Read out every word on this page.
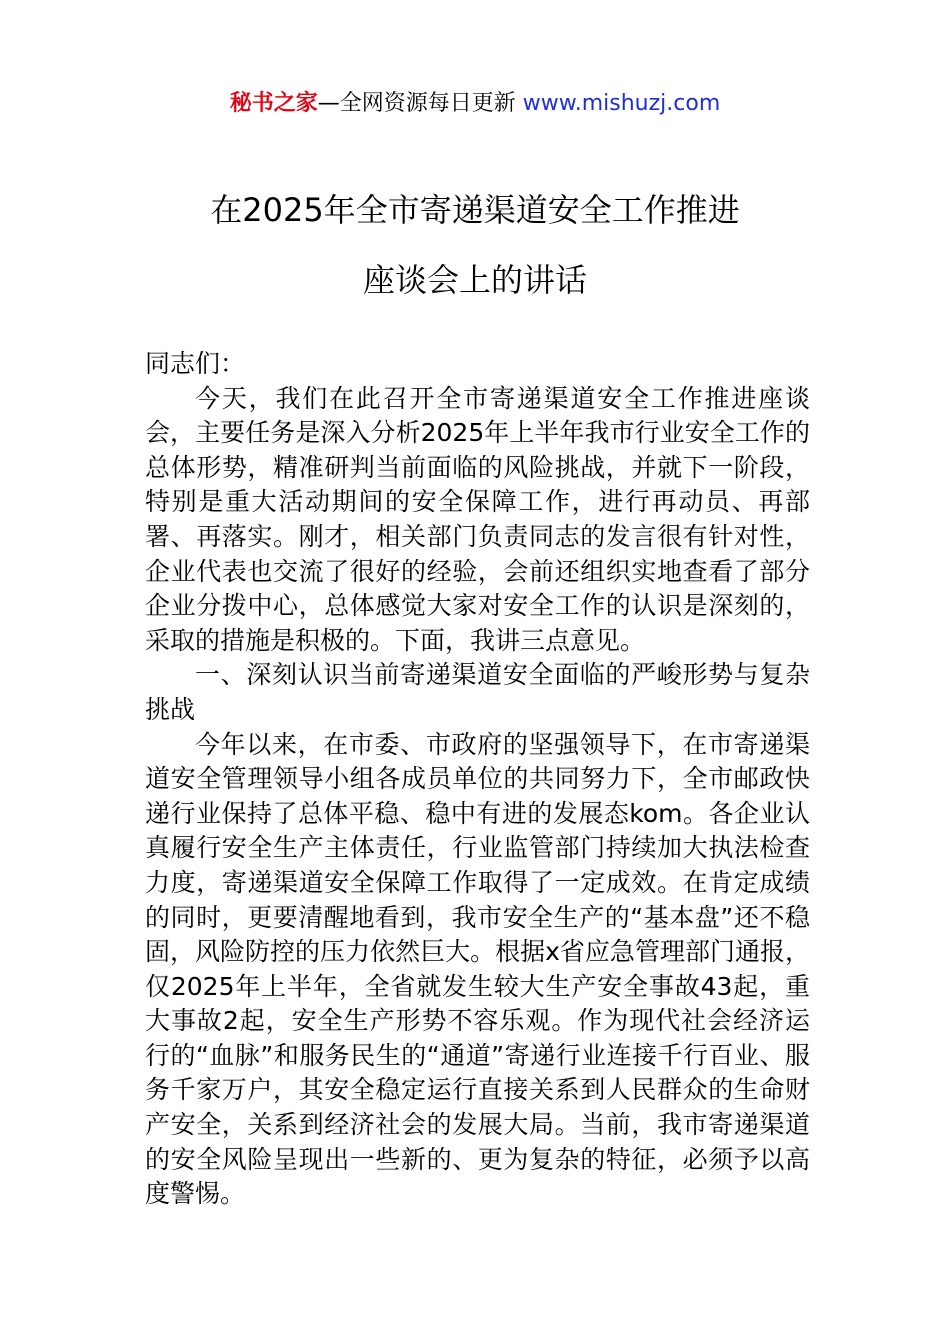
秘书之家—全网资源每日更新 www.mishuzj.com
在2025年全市寄递渠道安全工作推进
座谈会上的讲话

同志们：

今天，我们在此召开全市寄递渠道安全工作推进座谈会，主要任务是深入分析2025年上半年我市行业安全工作的总体形势，精准研判当前面临的风险挑战，并就下一阶段，特别是重大活动期间的安全保障工作，进行再动员、再部署、再落实。刚才，相关部门负责同志的发言很有针对性，企业代表也交流了很好的经验，会前还组织实地查看了部分企业分拨中心，总体感觉大家对安全工作的认识是深刻的，采取的措施是积极的。下面，我讲三点意见。

一、深刻认识当前寄递渠道安全面临的严峻形势与复杂挑战

今年以来，在市委、市政府的坚强领导下，在市寄递渠道安全管理领导小组各成员单位的共同努力下，全市邮政快递行业保持了总体平稳、稳中有进的发展态kom。各企业认真履行安全生产主体责任，行业监管部门持续加大执法检查力度，寄递渠道安全保障工作取得了一定成效。在肯定成绩的同时，更要清醒地看到，我市安全生产的“基本盘”还不稳固，风险防控的压力依然巨大。根据x省应急管理部门通报，仅2025年上半年，全省就发生较大生产安全事故43起，重大事故2起，安全生产形势不容乐观。作为现代社会经济运行的“血脉”和服务民生的“通道”寄递行业连接千行百业、服务千家万户，其安全稳定运行直接关系到人民群众的生命财产安全，关系到经济社会的发展大局。当前，我市寄递渠道的安全风险呈现出一些新的、更为复杂的特征，必须予以高度警惕。
